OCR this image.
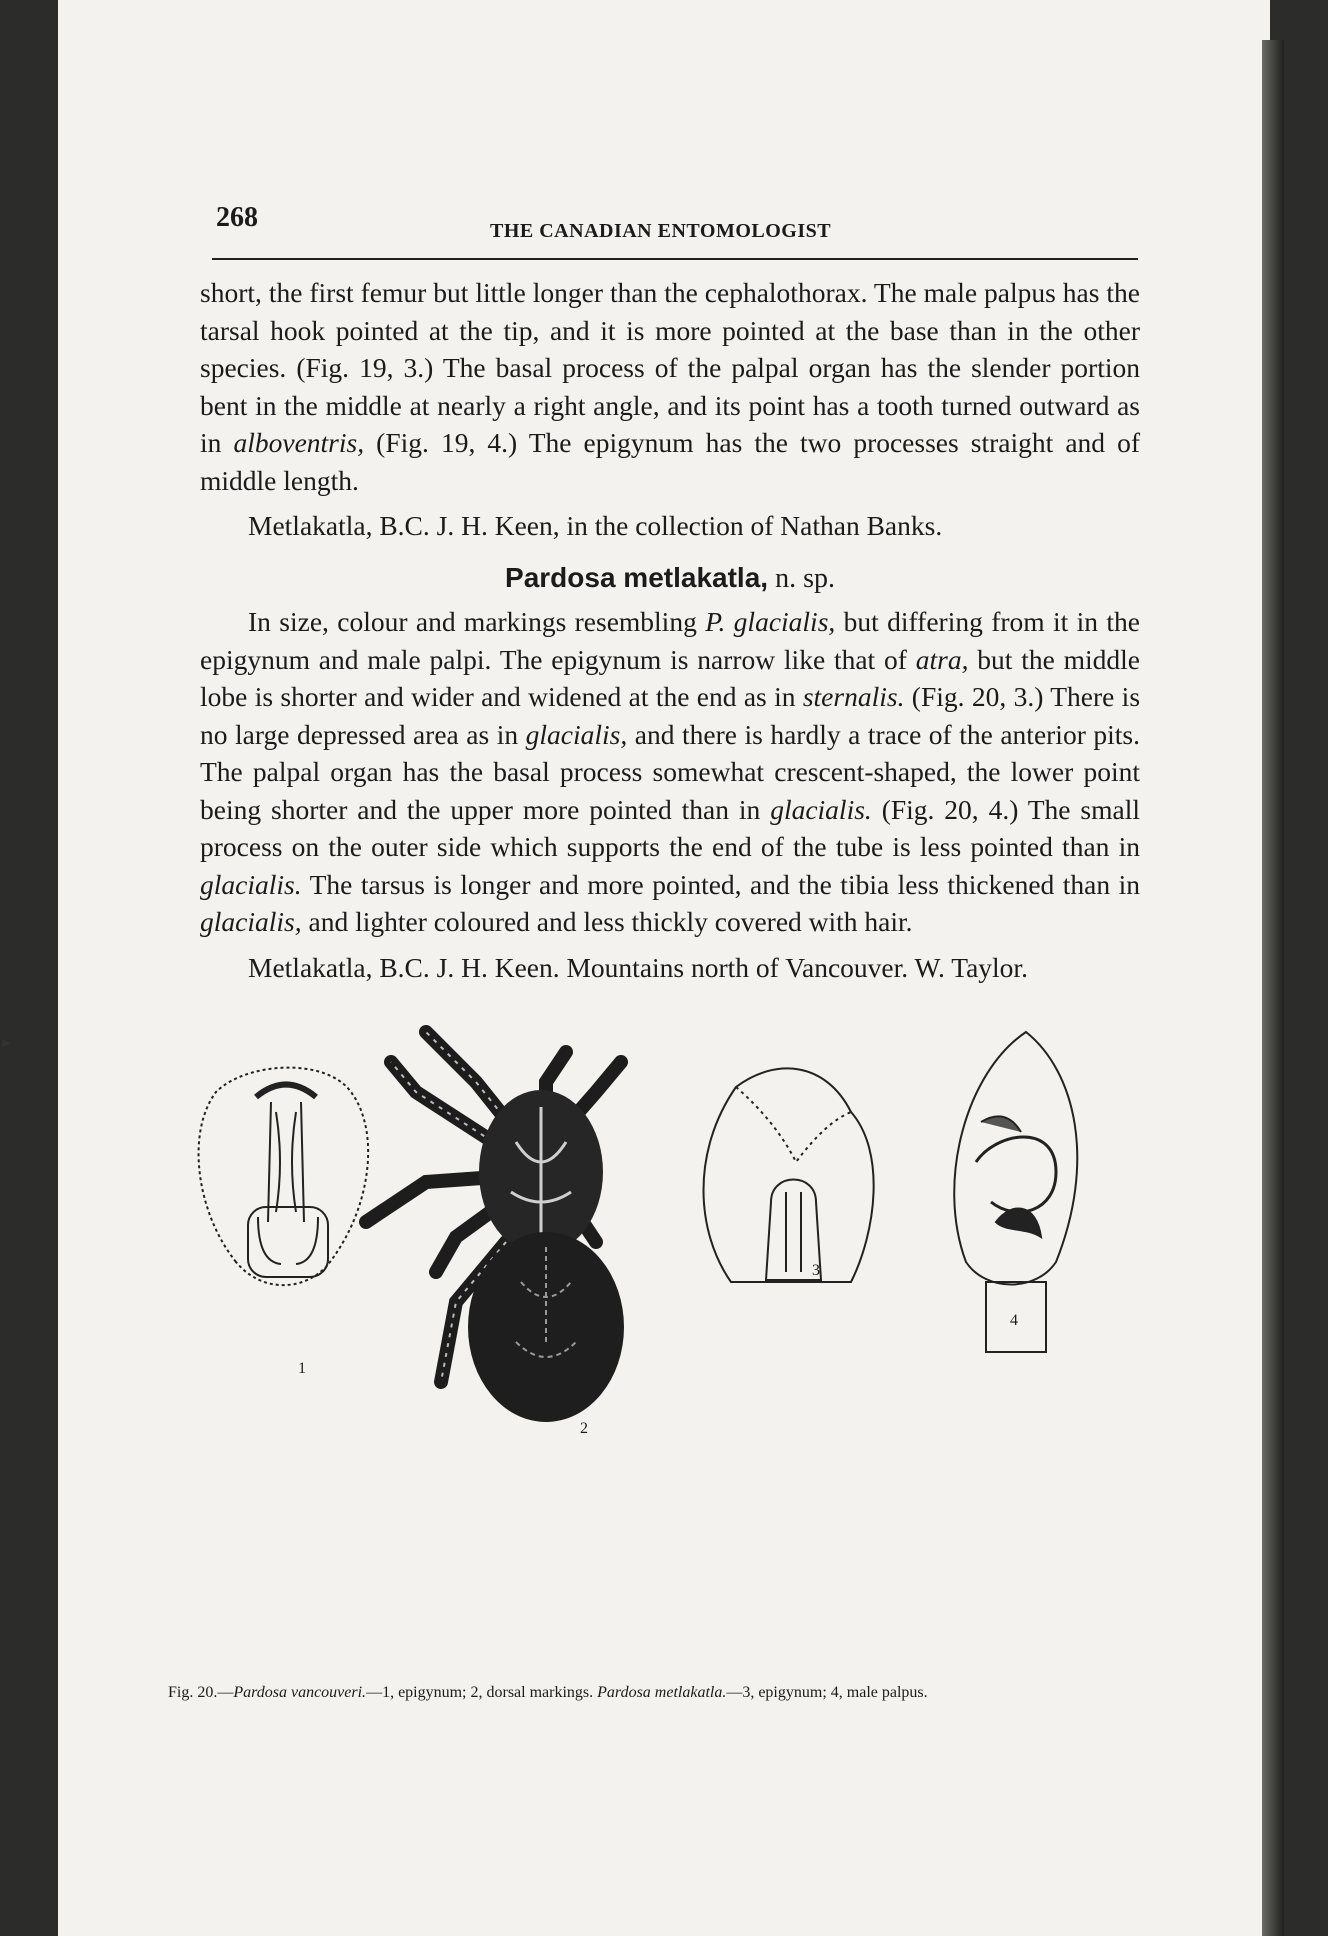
▸
268	THE CANADIAN ENTOMOLOGIST

short, the first femur but little longer than the cephalothorax. The male palpus has the tarsal hook pointed at the tip, and it is more pointed at the base than in the other species. (Fig. 19, 3.) The basal process of the palpal organ has the slender portion bent in the middle at nearly a right angle, and its point has a tooth turned outward as in alboventris, (Fig. 19, 4.) The epigynum has the two processes straight and of middle length.

Metlakatla, B.C. J. H. Keen, in the collection of Nathan Banks.

Pardosa metlakatla, n. sp.

In size, colour and markings resembling P. glacialis, but differing from it in the epigynum and male palpi. The epigynum is narrow like that of atra, but the middle lobe is shorter and wider and widened at the end as in sternalis. (Fig. 20, 3.) There is no large depressed area as in glacialis, and there is hardly a trace of the anterior pits. The palpal organ has the basal process somewhat crescent-shaped, the lower point being shorter and the upper more pointed than in glacialis. (Fig. 20, 4.) The small process on the outer side which supports the end of the tube is less pointed than in glacialis. The tarsus is longer and more pointed, and the tibia less thickened than in glacialis, and lighter coloured and less thickly covered with hair.

Metlakatla, B.C. J. H. Keen. Mountains north of Vancouver. W. Taylor.

1
2
3
4

Fig. 20.—Pardosa vancouveri.—1, epigynum; 2, dorsal markings. Pardosa metlakatla.—3, epigynum; 4, male palpus.
